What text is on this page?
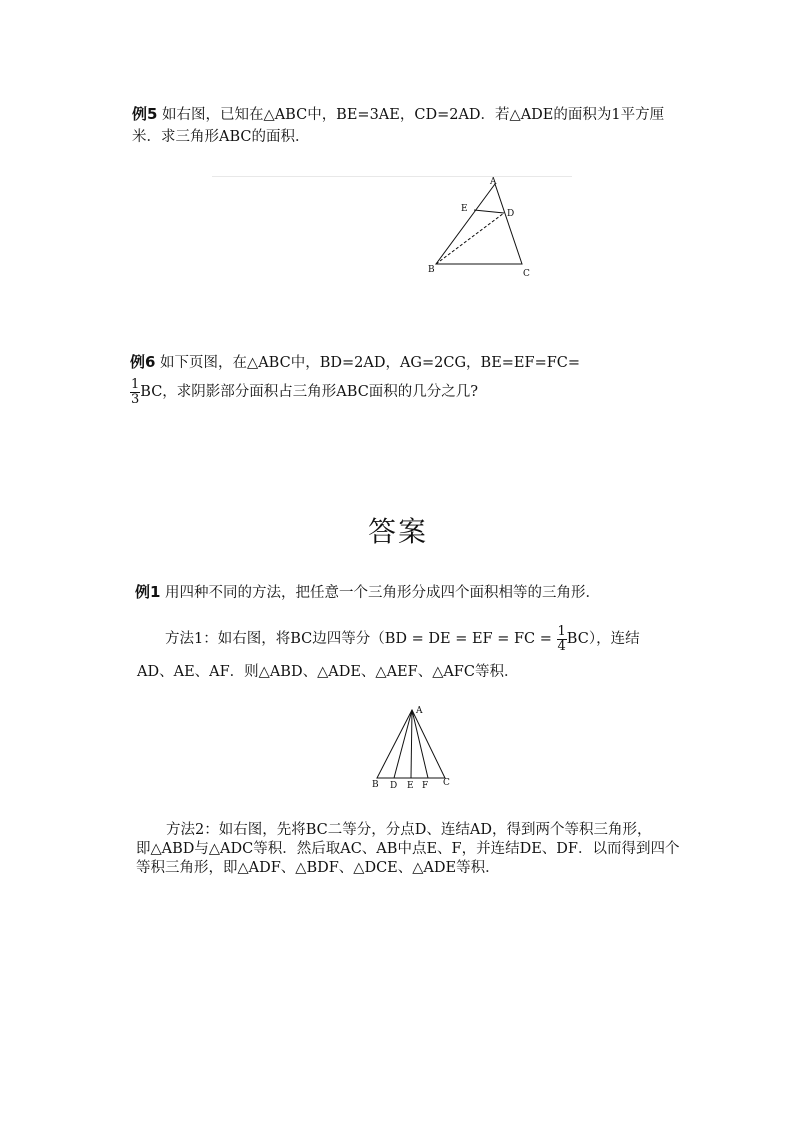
例5 如右图，已知在△ABC中，BE=3AE，CD=2AD．若△ADE的面积为1平方厘
米．求三角形ABC的面积．
A
E	D
B	C
例6 如下页图，在△ABC中，BD=2AD，AG=2CG，BE=EF=FC=
$\frac{1}{3}$ BC，求阴影部分面积占三角形ABC面积的几分之几?
答案
例1 用四种不同的方法，把任意一个三角形分成四个面积相等的三角形．
方法1：如右图，将BC边四等分（BD = DE = EF = FC = $\frac{1}{4} BC$），连结
AD、AE、AF．则△ABD、△ADE、△AEF、△AFC等积．
A
B D E F C
方法2：如右图，先将BC二等分，分点D、连结AD，得到两个等积三角形，
即△ABD与△ADC等积．然后取AC、AB中点E、F，并连结DE、DF．以而得到四个
等积三角形，即△ADF、△BDF、△DCE、△ADE等积．
